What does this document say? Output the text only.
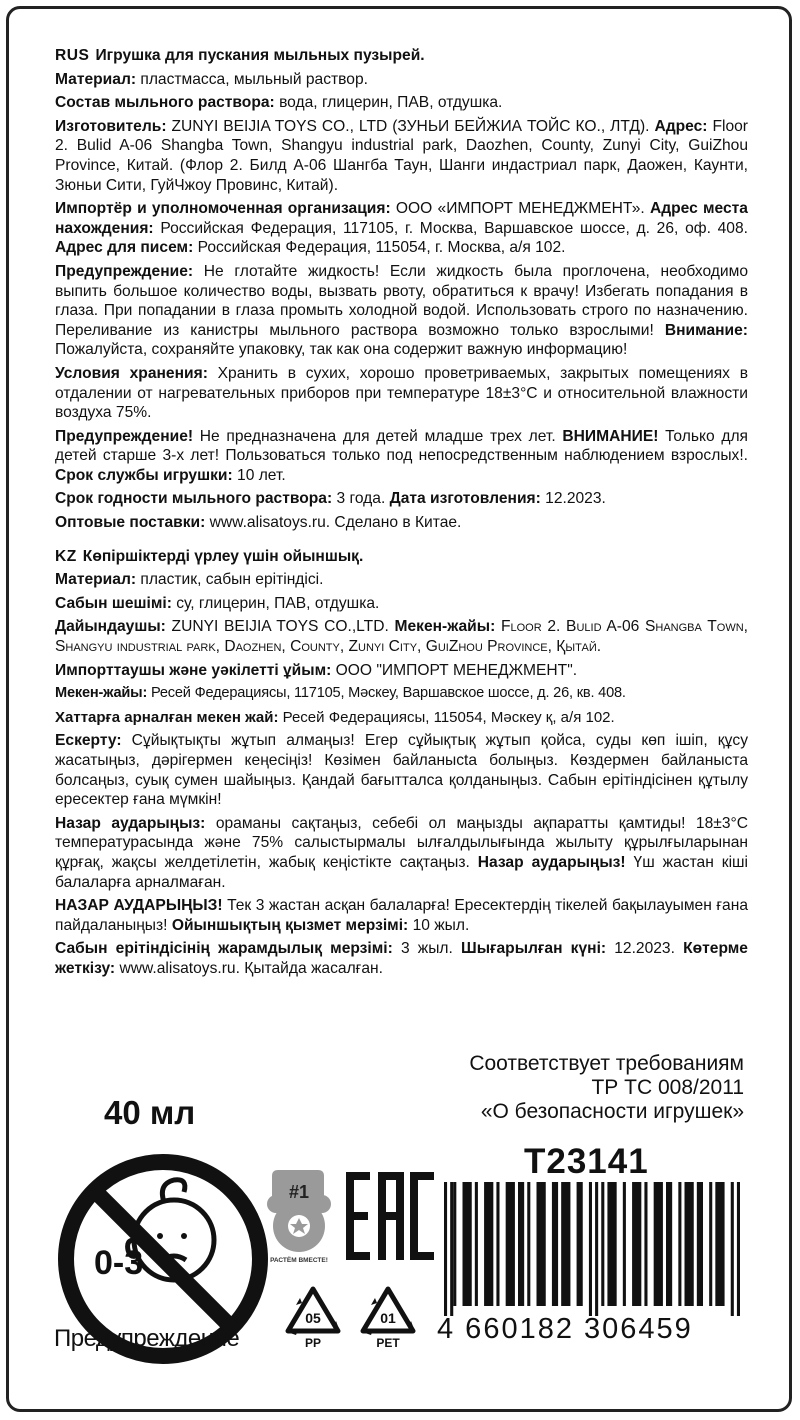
RUS Игрушка для пускания мыльных пузырей.

Материал: пластмасса, мыльный раствор.

Состав мыльного раствора: вода, глицерин, ПАВ, отдушка.

Изготовитель: ZUNYI BEIJIA TOYS CO., LTD (ЗУНЬИ БЕЙЖИА ТОЙС КО., ЛТД). Адрес: Floor 2. Bulid A-06 Shangba Town, Shangyu industrial park, Daozhen, County, Zunyi City, GuiZhou Province, Китай. (Флор 2. Билд А-06 Шангба Таун, Шанги индастриал парк, Даожен, Каунти, Зюньи Сити, ГуйЧжоу Провинс, Китай).

Импортёр и уполномоченная организация: ООО «ИМПОРТ МЕНЕДЖМЕНТ». Адрес места нахождения: Российская Федерация, 117105, г. Москва, Варшавское шоссе, д. 26, оф. 408. Адрес для писем: Российская Федерация, 115054, г. Москва, а/я 102.

Предупреждение: Не глотайте жидкость! Если жидкость была проглочена, необходимо выпить большое количество воды, вызвать рвоту, обратиться к врачу! Избегать попадания в глаза. При попадании в глаза промыть холодной водой. Использовать строго по назначению. Переливание из канистры мыльного раствора возможно только взрослыми! Внимание: Пожалуйста, сохраняйте упаковку, так как она содержит важную информацию!

Условия хранения: Хранить в сухих, хорошо проветриваемых, закрытых помещениях в отдалении от нагревательных приборов при температуре 18±3°С и относительной влажности воздуха 75%.

Предупреждение! Не предназначена для детей младше трех лет. ВНИМАНИЕ! Только для детей старше 3-х лет! Пользоваться только под непосредственным наблюдением взрослых!. Срок службы игрушки: 10 лет.

Срок годности мыльного раствора: 3 года. Дата изготовления: 12.2023.

Оптовые поставки: www.alisatoys.ru. Сделано в Китае.

KZ Көпіршіктерді үрлеу үшін ойыншық.

Материал: пластик, сабын ерітіндісі.

Сабын шешімі: су, глицерин, ПАВ, отдушка.

Дайындаушы: ZUNYI BEIJIA TOYS CO.,LTD. Мекен-жайы: Floor 2. Bulid A-06 Shangba Town, Shangyu industrial park, Daozhen, County, Zunyi City, GuiZhou Province, Қытай.

Импорттаушы және уәкілетті ұйым: ООО "ИМПОРТ МЕНЕДЖМЕНТ".

Мекен-жайы: Ресей Федерациясы, 117105, Мәскеу, Варшавское шоссе, д. 26, кв. 408.

Хаттарға арналған мекен жай: Ресей Федерациясы, 115054, Мәскеу қ, а/я 102.

Ескерту: Сұйықтықты жұтып алмаңыз! Егер сұйықтық жұтып қойса, суды көп ішіп, құсу жасатыңыз, дәрігермен кеңесіңіз! Көзімен байланысta болыңыз. Көздермен байланыста болсаңыз, суық сумен шайыңыз. Қандай бағытталса қолданыңыз. Сабын ерітіндісінен құтылу ересектер ғана мүмкін!

Назар аударыңыз: ораманы сақтаңыз, себебі ол маңызды ақпаратты қамтиды! 18±3°С температурасында және 75% салыстырмалы ылғалдылығында жылыту құрылғыларынан құрғақ, жақсы желдетілетін, жабық кеңістікте сақтаңыз. Назар аударыңыз! Үш жастан кіші балаларға арналмаған.

НАЗАР АУДАРЫҢЫЗ! Тек 3 жастан асқан балаларға! Ересектердің тікелей бақылауымен ғана пайдаланыңыз! Ойыншықтың қызмет мерзімі: 10 жыл.

Сабын ерітіндісінің жарамдылық мерзімі: 3 жыл. Шығарылған күні: 12.2023. Көтерме жеткізу: www.alisatoys.ru. Қытайда жасалған.

Соответствует требованиям
ТР ТС 008/2011
«О безопасности игрушек»
40 мл
T23141
0-3
Предупреждение
#1
РАСТЁМ ВМЕСТЕ!
EAC
05
PP
01
PET 4 660182 306459
